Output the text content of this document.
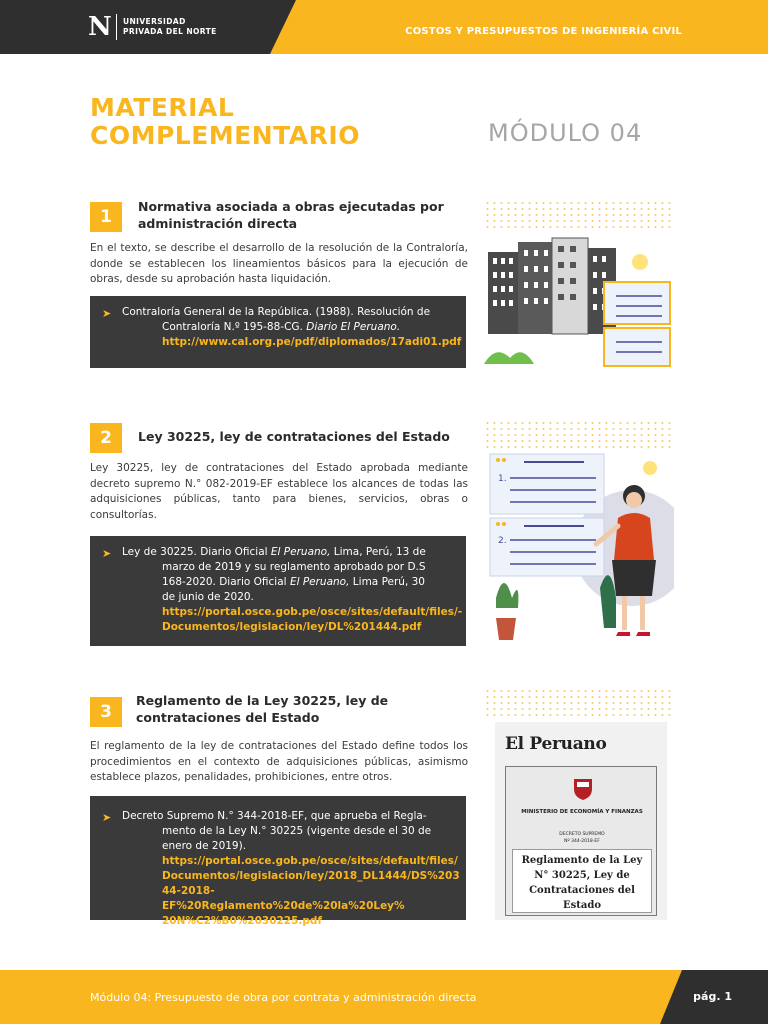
N UNIVERSIDAD
PRIVADA DEL NORTE	COSTOS Y PRESUPUESTOS DE INGENIERÍA CIVIL
MATERIAL
COMPLEMENTARIO	MÓDULO 04
1
Normativa asociada a obras ejecutadas por administración directa
En el texto, se describe el desarrollo de la resolución de la Contraloría, donde se establecen los lineamientos básicos para la ejecución de obras, desde su aprobación hasta liquidación.
➤ Contraloría General de la República. (1988). Resolución de
Contraloría N.º 195-88-CG. Diario El Peruano.
http://www.cal.org.pe/pdf/diplomados/17adi01.pdf
2	Ley 30225, ley de contrataciones del Estado
Ley 30225, ley de contrataciones del Estado aprobada mediante decreto supremo N.° 082-2019-EF establece los alcances de todas las adquisiciones públicas, tanto para bienes, servicios, obras o consultorías.
➤ Ley de 30225. Diario Oficial El Peruano, Lima, Perú, 13 de
marzo de 2019 y su reglamento aprobado por D.S
168-2020. Diario Oficial El Peruano, Lima Perú, 30
de junio de 2020.
https://portal.osce.gob.pe/osce/sites/default/files/-
Documentos/legislacion/ley/DL%201444.pdf
1.
2.
3
Reglamento de la Ley 30225, ley de contrataciones del Estado
El reglamento de la ley de contrataciones del Estado define todos los procedimientos en el contexto de adquisiciones públicas, asimismo establece plazos, penalidades, prohibiciones, entre otros.
➤ Decreto Supremo N.° 344-2018-EF, que aprueba el Regla-
mento de la Ley N.° 30225 (vigente desde el 30 de
enero de 2019).
https://portal.osce.gob.pe/osce/sites/default/files/
Documentos/legislacion/ley/2018_DL1444/DS%203
44-2018-EF%20Reglamento%20de%20la%20Ley%
20N%C2%B0%2030225.pdf
El Peruano
MINISTERIO DE ECONOMÍA Y FINANZAS
DECRETO SUPREMO
Nº 344-2018-EF
Reglamento de la Ley N° 30225, Ley de Contrataciones del Estado
Módulo 04: Presupuesto de obra por contrata y administración directa	pág. 1
